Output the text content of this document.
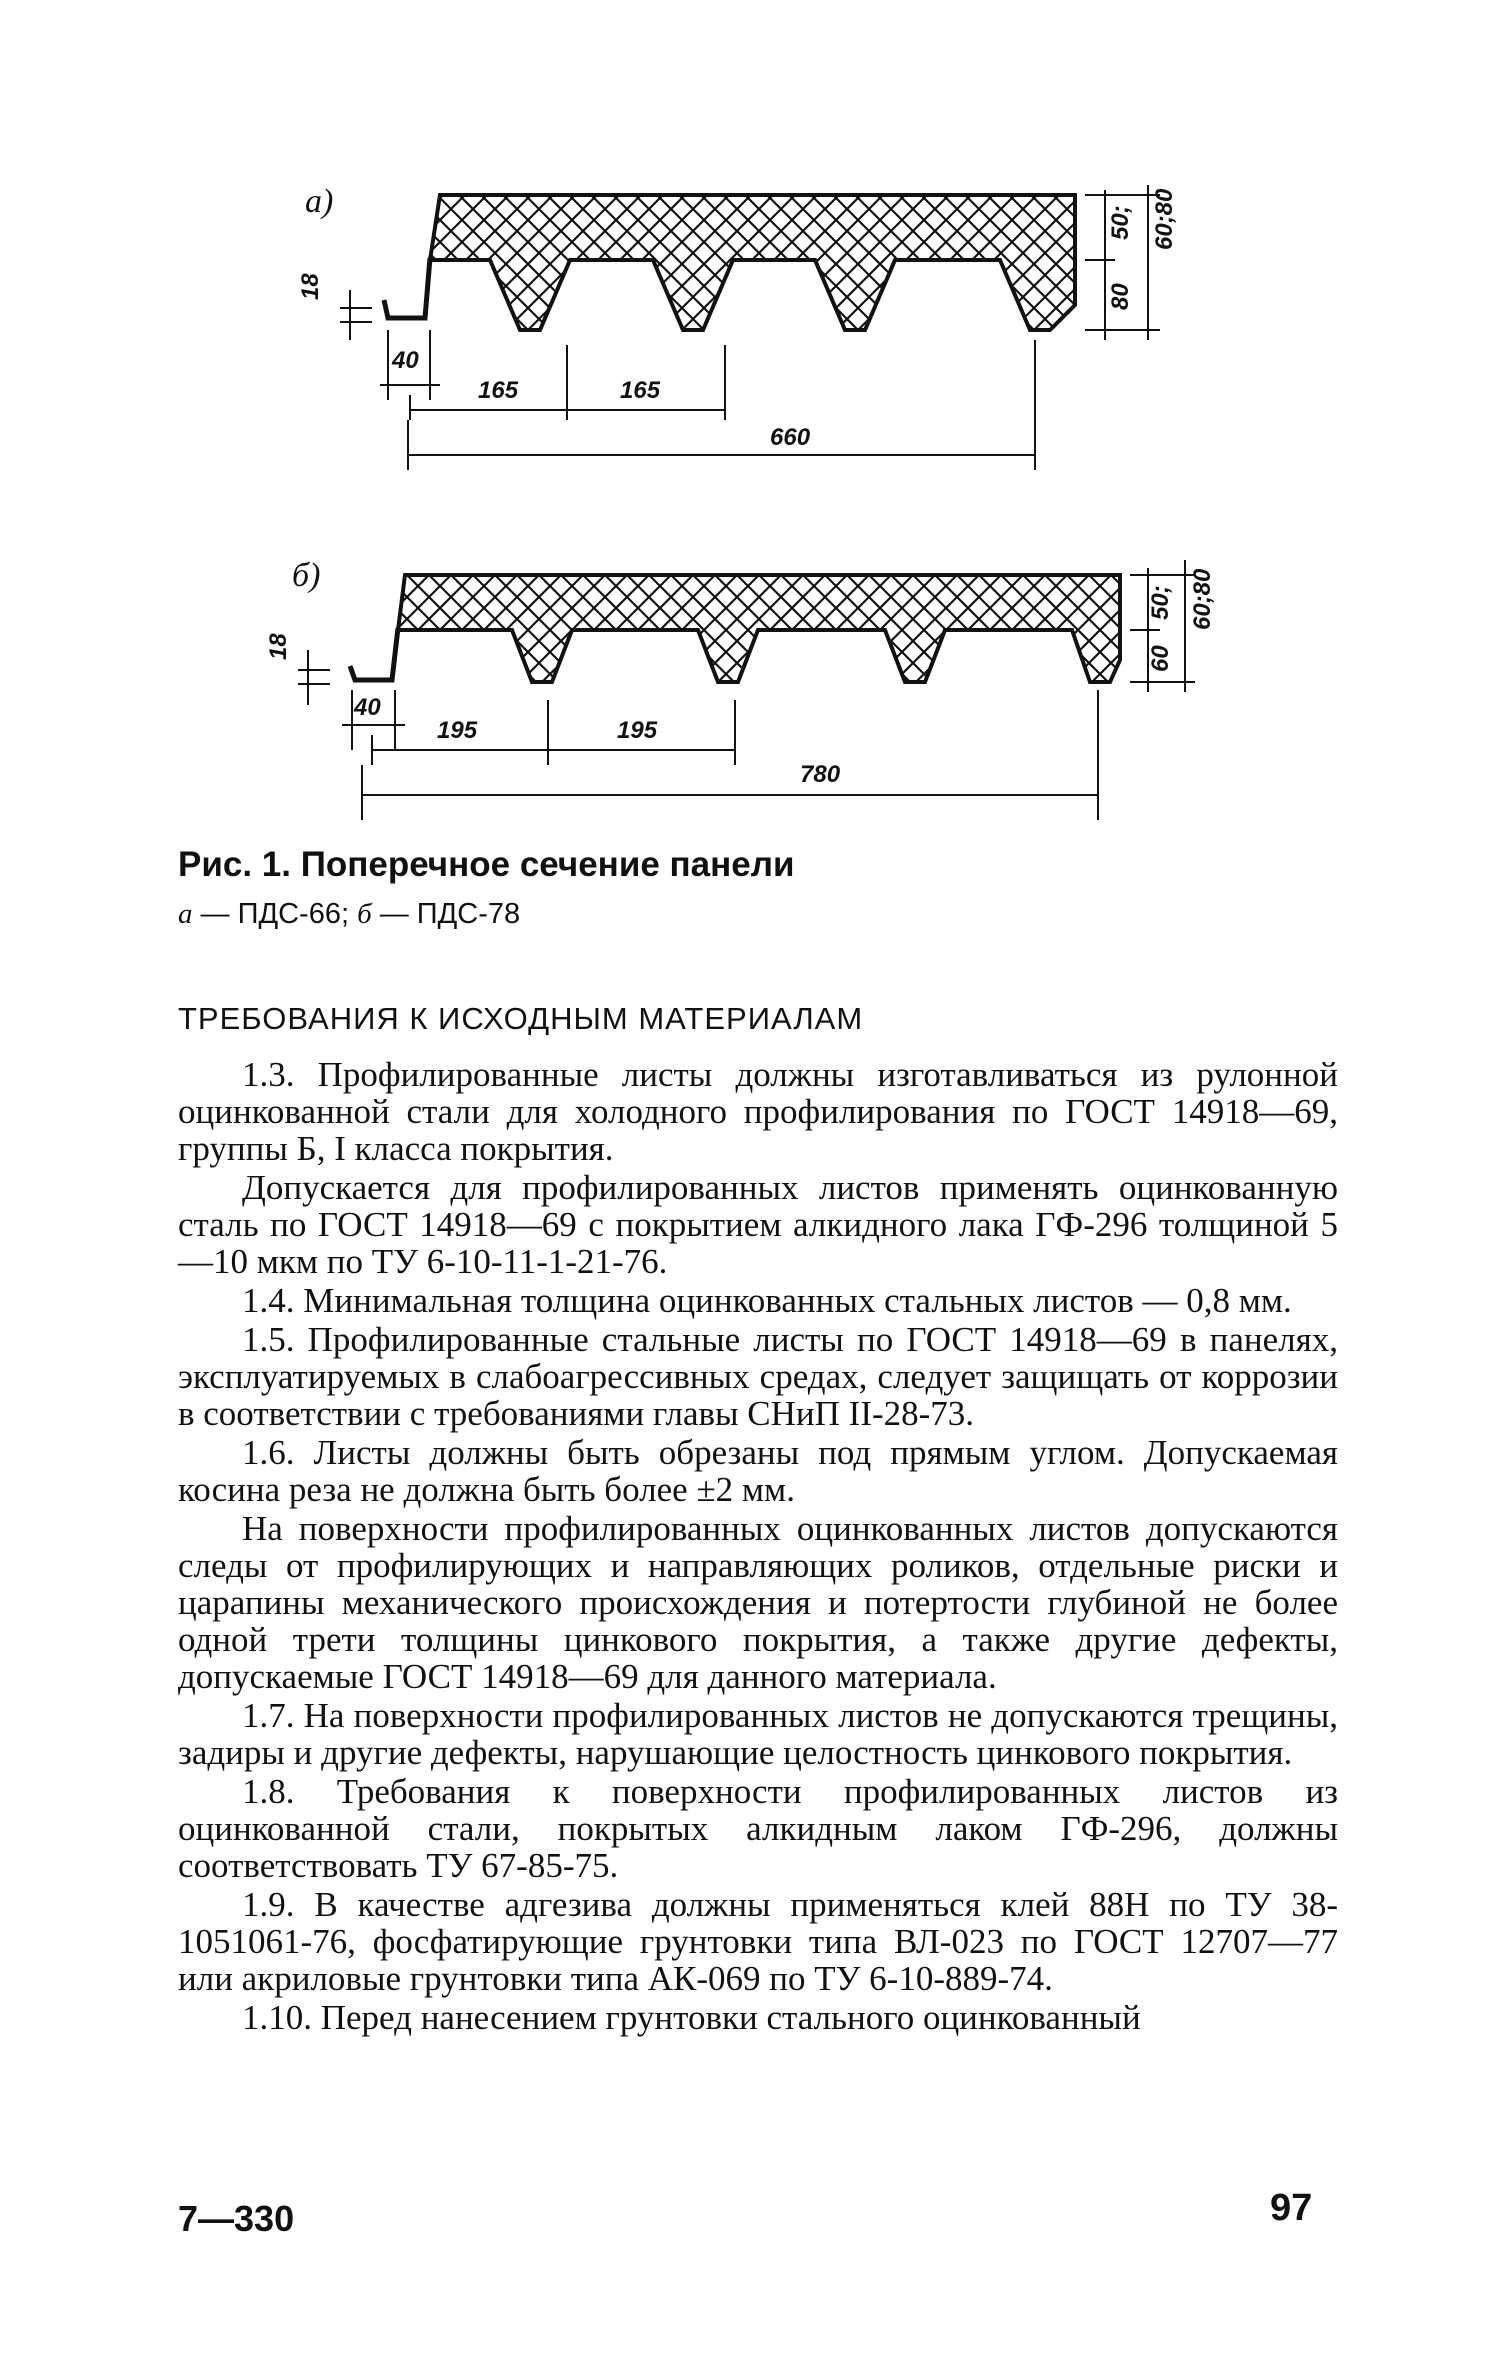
а)
18
40
165	165
660
50;
80
60;80
б)
18
40
195	195
780
50;
60
60;80
Рис. 1. Поперечное сечение панели
а — ПДС-66; б — ПДС-78
ТРЕБОВАНИЯ К ИСХОДНЫМ МАТЕРИАЛАМ

1.3. Профилированные листы должны изготавливаться из рулонной оцинкованной стали для холодного профилирования по ГОСТ 14918—69, группы Б, I класса покрытия.

Допускается для профилированных листов применять оцинкованную сталь по ГОСТ 14918—69 с покрытием алкидного лака ГФ-296 толщиной 5—10 мкм по ТУ 6-10-11-1-21-76.

1.4. Минимальная толщина оцинкованных стальных листов — 0,8 мм.

1.5. Профилированные стальные листы по ГОСТ 14918—69 в панелях, эксплуатируемых в слабоагрессивных средах, следует защищать от коррозии в соответствии с требованиями главы СНиП II-28-73.

1.6. Листы должны быть обрезаны под прямым углом. Допускаемая косина реза не должна быть более ±2 мм.

На поверхности профилированных оцинкованных листов допускаются следы от профилирующих и направляющих роликов, отдельные риски и царапины механического происхождения и потертости глубиной не более одной трети толщины цинкового покрытия, а также другие дефекты, допускаемые ГОСТ 14918—69 для данного материала.

1.7. На поверхности профилированных листов не допускаются трещины, задиры и другие дефекты, нарушающие целостность цинкового покрытия.

1.8. Требования к поверхности профилированных листов из оцинкованной стали, покрытых алкидным лаком ГФ-296, должны соответствовать ТУ 67-85-75.

1.9. В качестве адгезива должны применяться клей 88Н по ТУ 38-1051061-76, фосфатирующие грунтовки типа ВЛ-023 по ГОСТ 12707—77 или акриловые грунтовки типа АК-069 по ТУ 6-10-889-74.

1.10. Перед нанесением грунтовки стального оцинкованный

7—330	97
